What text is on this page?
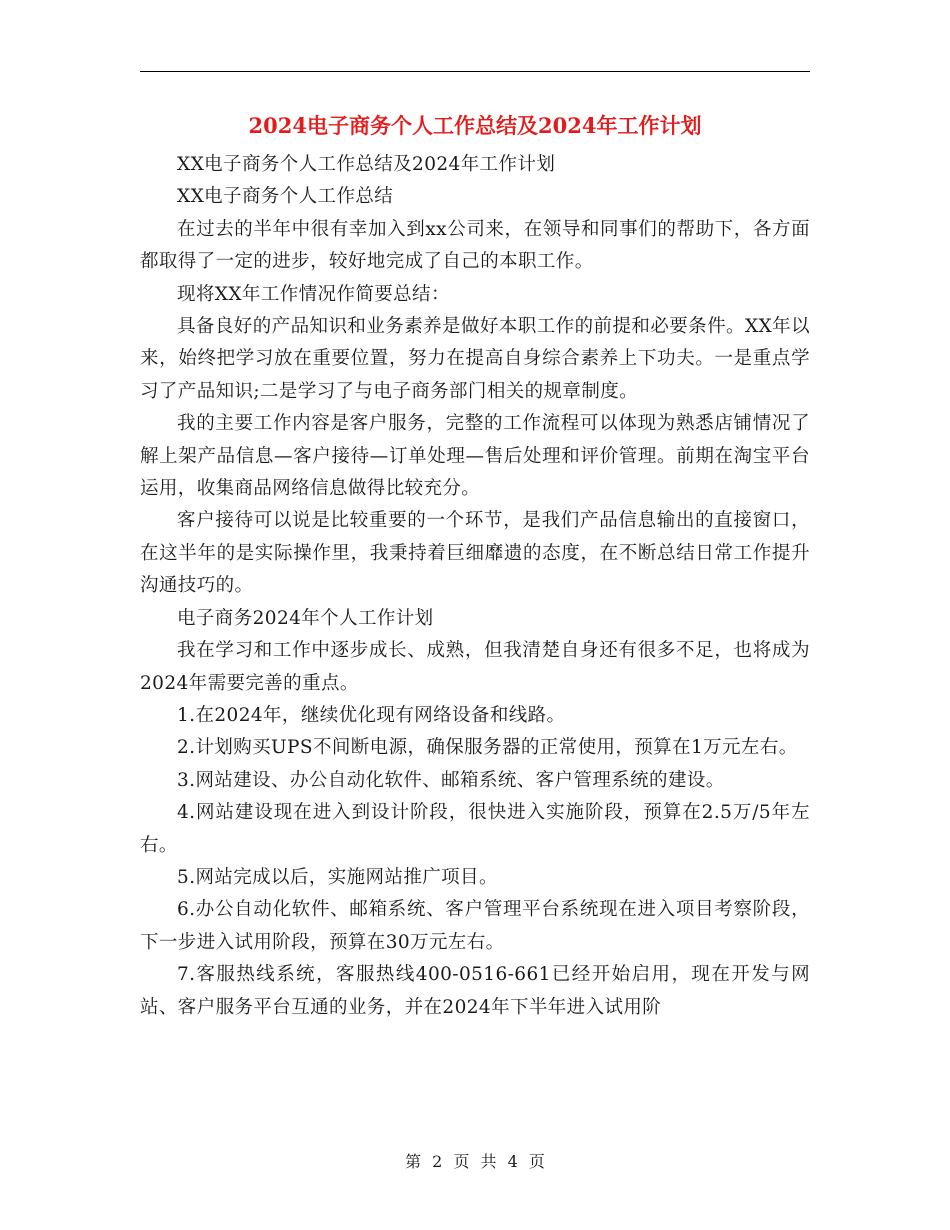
2024电子商务个人工作总结及2024年工作计划

XX电子商务个人工作总结及2024年工作计划

XX电子商务个人工作总结

在过去的半年中很有幸加入到xx公司来，在领导和同事们的帮助下，各方面都取得了一定的进步，较好地完成了自己的本职工作。

现将XX年工作情况作简要总结：

具备良好的产品知识和业务素养是做好本职工作的前提和必要条件。XX年以来，始终把学习放在重要位置，努力在提高自身综合素养上下功夫。一是重点学习了产品知识;二是学习了与电子商务部门相关的规章制度。

我的主要工作内容是客户服务，完整的工作流程可以体现为熟悉店铺情况了解上架产品信息—客户接待—订单处理—售后处理和评价管理。前期在淘宝平台运用，收集商品网络信息做得比较充分。

客户接待可以说是比较重要的一个环节，是我们产品信息输出的直接窗口，在这半年的是实际操作里，我秉持着巨细靡遗的态度，在不断总结日常工作提升沟通技巧的。

电子商务2024年个人工作计划

我在学习和工作中逐步成长、成熟，但我清楚自身还有很多不足，也将成为2024年需要完善的重点。

1.在2024年，继续优化现有网络设备和线路。

2.计划购买UPS不间断电源，确保服务器的正常使用，预算在1万元左右。

3.网站建设、办公自动化软件、邮箱系统、客户管理系统的建设。

4.网站建设现在进入到设计阶段，很快进入实施阶段，预算在2.5万/5年左右。

5.网站完成以后，实施网站推广项目。

6.办公自动化软件、邮箱系统、客户管理平台系统现在进入项目考察阶段，下一步进入试用阶段，预算在30万元左右。

7.客服热线系统，客服热线400-0516-661已经开始启用，现在开发与网站、客户服务平台互通的业务，并在2024年下半年进入试用阶

第 2 页 共 4 页
